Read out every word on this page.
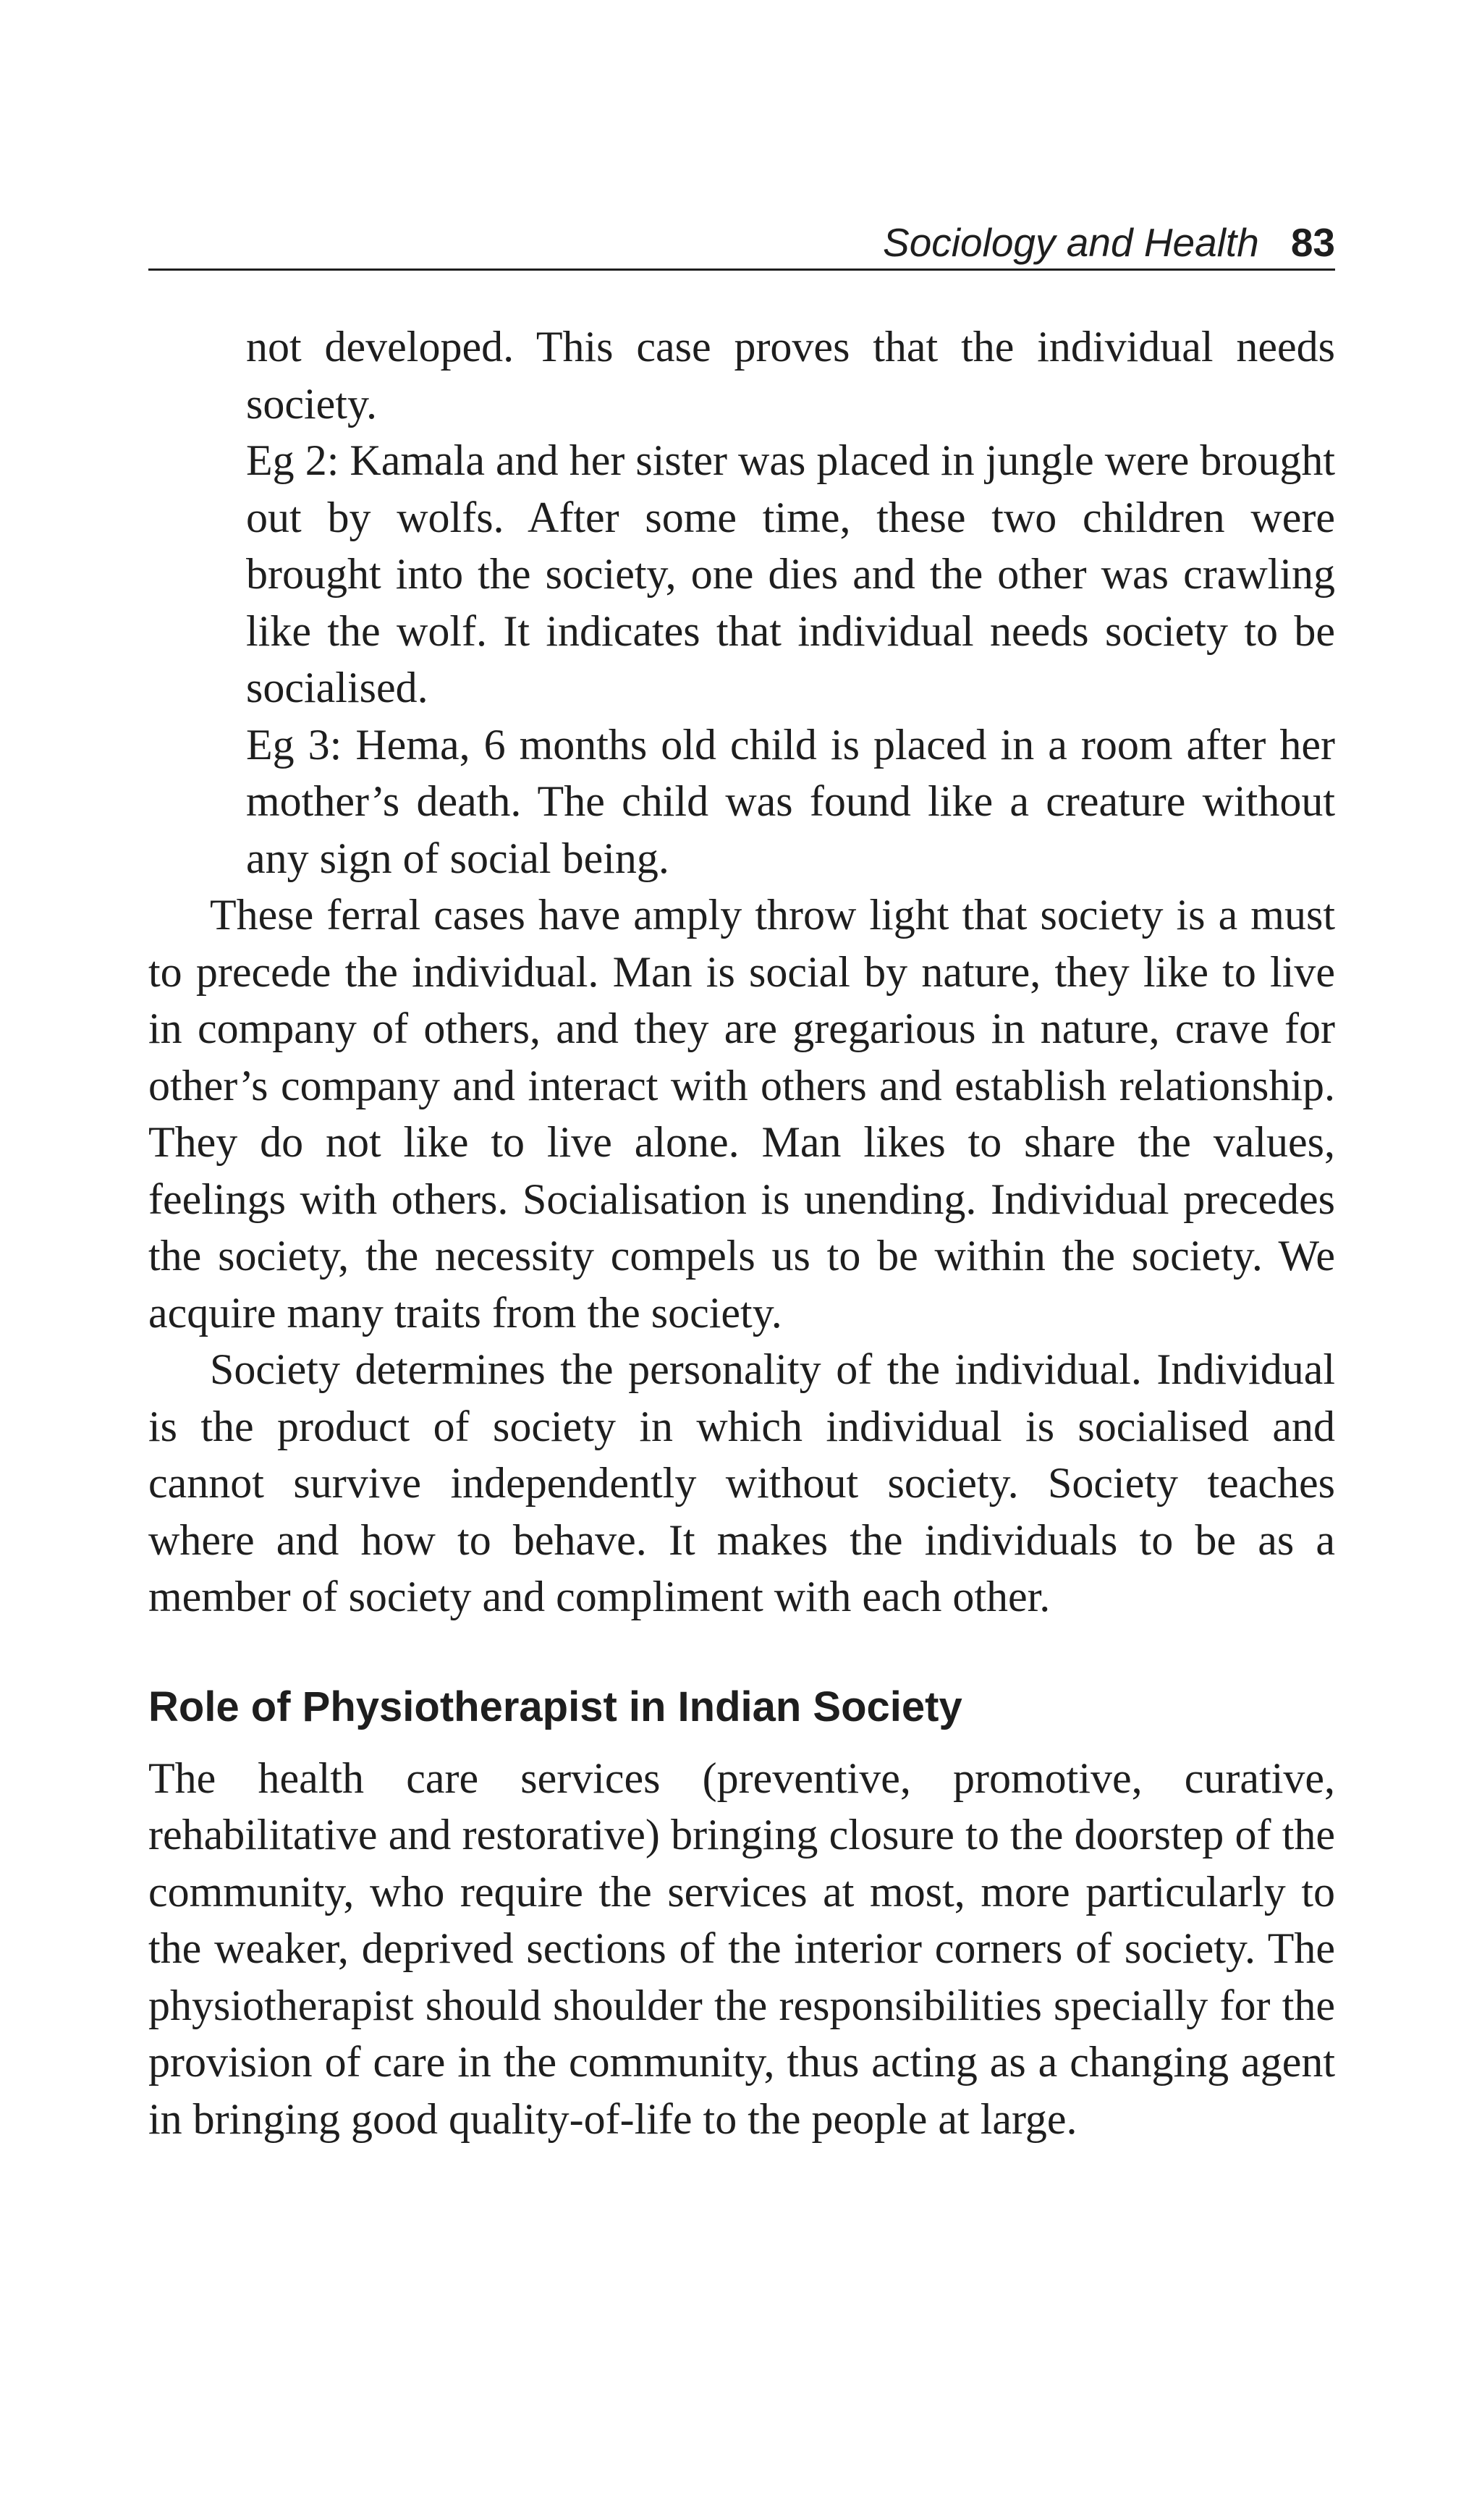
Sociology and Health 83

not developed. This case proves that the individual needs society.

Eg 2: Kamala and her sister was placed in jungle were brought out by wolfs. After some time, these two children were brought into the society, one dies and the other was crawling like the wolf. It indicates that individual needs society to be socialised.

Eg 3: Hema, 6 months old child is placed in a room after her mother’s death. The child was found like a creature without any sign of social being.

These ferral cases have amply throw light that society is a must to precede the individual. Man is social by nature, they like to live in company of others, and they are gregarious in nature, crave for other’s company and interact with others and establish relationship. They do not like to live alone. Man likes to share the values, feelings with others. Socialisation is unending. Individual precedes the society, the necessity compels us to be within the society. We acquire many traits from the society.

Society determines the personality of the individual. Individual is the product of society in which individual is socialised and cannot survive independently without society. Society teaches where and how to behave. It makes the individuals to be as a member of society and compliment with each other.

Role of Physiotherapist in Indian Society

The health care services (preventive, promotive, curative, rehabilitative and restorative) bringing closure to the doorstep of the community, who require the services at most, more particularly to the weaker, deprived sections of the interior corners of society. The physiotherapist should shoulder the responsibilities specially for the provision of care in the community, thus acting as a changing agent in bringing good quality-of-life to the people at large.
